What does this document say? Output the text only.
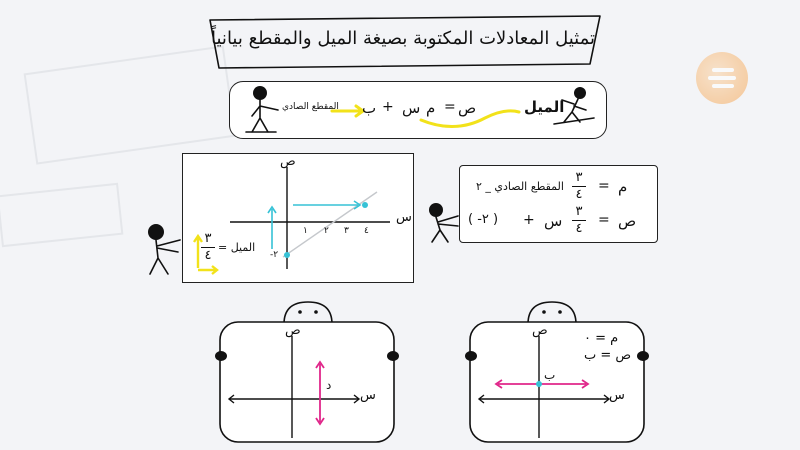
تمثيل المعادلات المكتوبة بصيغة الميل والمقطع بيانياً
المقطع الصادي ب + س م = ص	الميل
ص
س
١ ٢ ٣ ٤
-٢
الميل =
٣
٤
م
=
٣
٤
المقطع الصادي _ ٢
ص
=
٣
٤
س
+
( -٢ )
ص
س
د
ص
س
ب
م = ٠
ص = ب
